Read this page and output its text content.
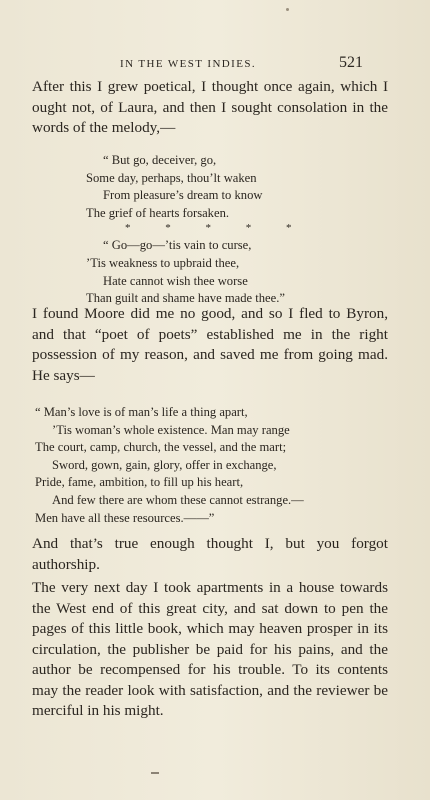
IN THE WEST INDIES.	521

After this I grew poetical, I thought once again, which I ought not, of Laura, and then I sought consolation in the words of the melody,—

“ But go, deceiver, go,
Some day, perhaps, thou’lt waken
From pleasure’s dream to know
The grief of hearts forsaken.
* * * * *
“ Go—go—’tis vain to curse,
’Tis weakness to upbraid thee,
Hate cannot wish thee worse
Than guilt and shame have made thee.”

I found Moore did me no good, and so I fled to Byron, and that “poet of poets” established me in the right possession of my reason, and saved me from going mad. He says—

“ Man’s love is of man’s life a thing apart,
’Tis woman’s whole existence. Man may range
The court, camp, church, the vessel, and the mart;
Sword, gown, gain, glory, offer in exchange,
Pride, fame, ambition, to fill up his heart,
And few there are whom these cannot estrange.—
Men have all these resources.——”

And that’s true enough thought I, but you forgot authorship.

The very next day I took apartments in a house towards the West end of this great city, and sat down to pen the pages of this little book, which may heaven prosper in its circulation, the publisher be paid for his pains, and the author be recompensed for his trouble. To its contents may the reader look with satisfaction, and the reviewer be merciful in his might.
